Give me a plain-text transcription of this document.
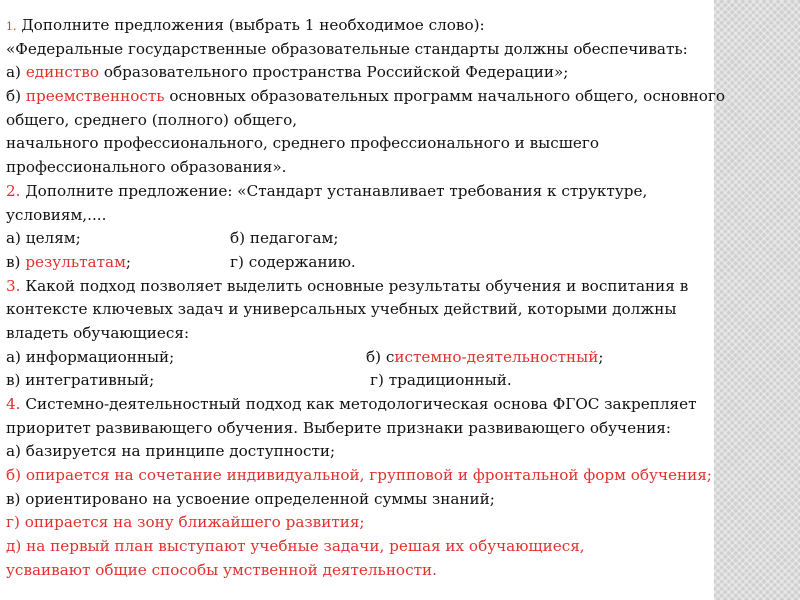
1. Дополните предложения (выбрать 1 необходимое слово):
«Федеральные государственные образовательные стандарты должны обеспечивать:
а) единство образовательного пространства Российской Федерации»;
б) преемственность основных образовательных программ начального общего, основного
общего, среднего (полного) общего,
начального профессионального, среднего профессионального и высшего
профессионального образования».
2. Дополните предложение: «Стандарт устанавливает требования к структуре,
условиям,....
а) целям;	б) педагогам;
в) результатам;	г) содержанию.
3. Какой подход позволяет выделить основные результаты обучения и воспитания в
контексте ключевых задач и универсальных учебных действий, которыми должны
владеть обучающиеся:
а) информационный;	б) системно-деятельностный;
в) интегративный;	г) традиционный.
4. Системно-деятельностный подход как методологическая основа ФГОС закрепляет
приоритет развивающего обучения. Выберите признаки развивающего обучения:
а) базируется на принципе доступности;
б) опирается на сочетание индивидуальной, групповой и фронтальной форм обучения;
в) ориентировано на усвоение определенной суммы знаний;
г) опирается на зону ближайшего развития;
д) на первый план выступают учебные задачи, решая их обучающиеся,
усваивают общие способы умственной деятельности.
